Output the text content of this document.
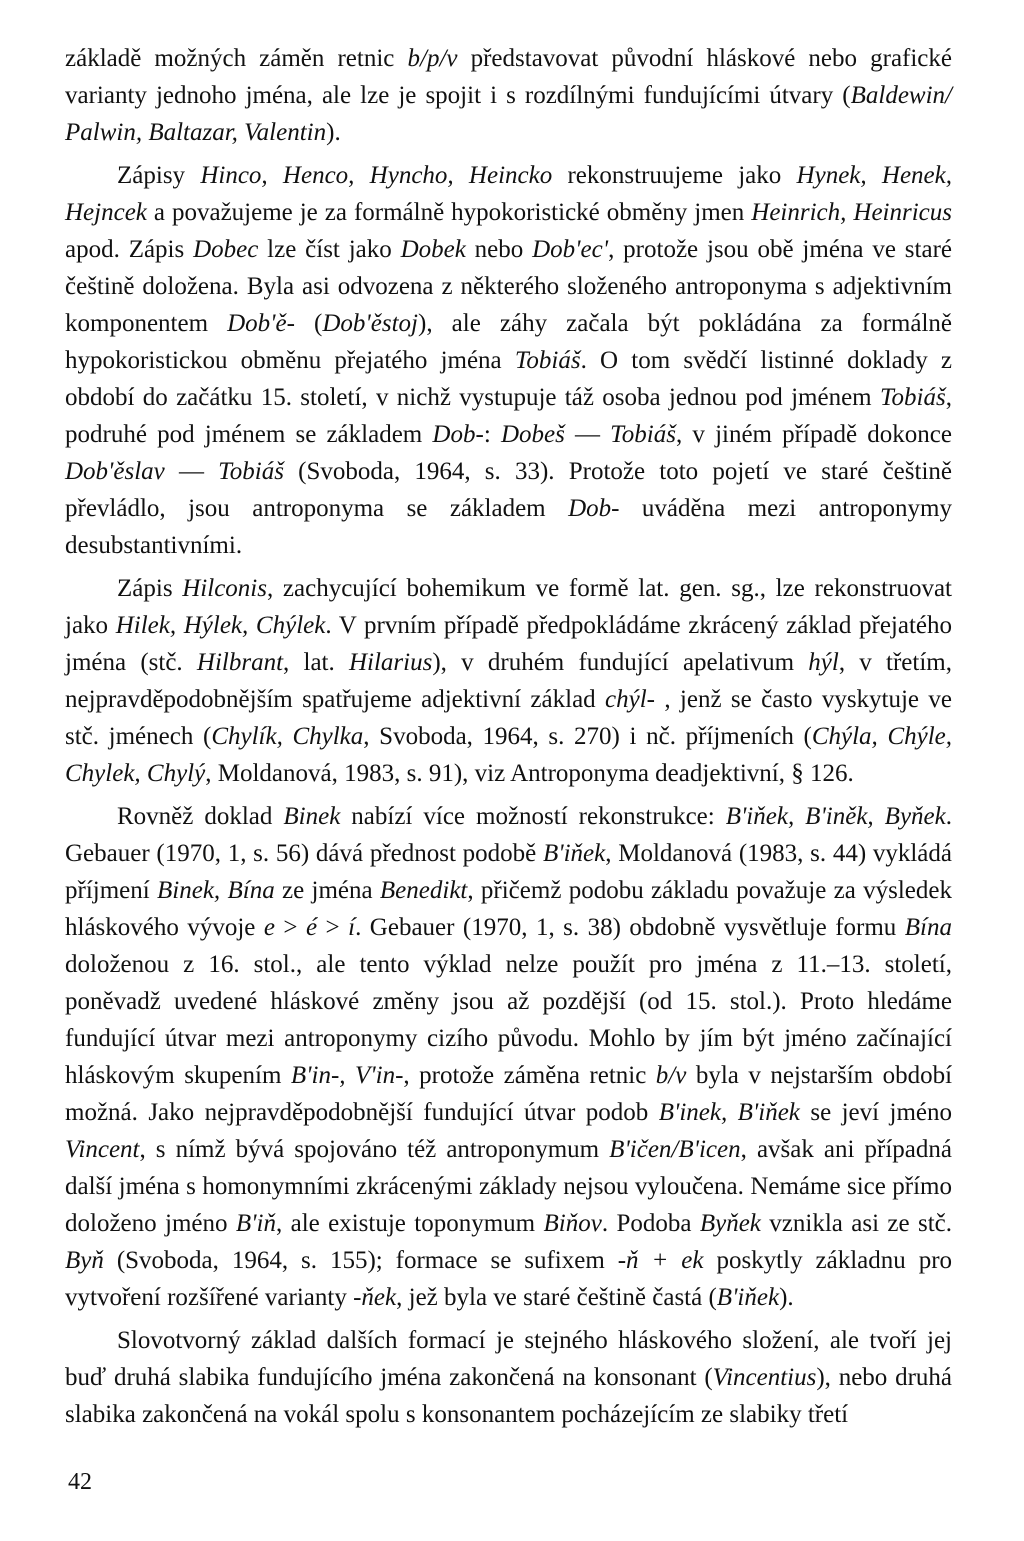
základě možných záměn retnic b/p/v představovat původní hláskové nebo grafické varianty jednoho jména, ale lze je spojit i s rozdílnými fundujícími útvary (Baldewin/ Palwin, Baltazar, Valentin).

Zápisy Hinco, Henco, Hyncho, Heincko rekonstruujeme jako Hynek, Henek, Hejncek a považujeme je za formálně hypokoristické obměny jmen Heinrich, Heinricus apod. Zápis Dobec lze číst jako Dobek nebo Dob'ec', protože jsou obě jména ve staré češtině doložena. Byla asi odvozena z některého složeného antroponyma s adjektivním komponentem Dob'ě- (Dob'ěstoj), ale záhy začala být pokládána za formálně hypokoristickou obměnu přejatého jména Tobiáš. O tom svědčí listinné doklady z období do začátku 15. století, v nichž vystupuje táž osoba jednou pod jménem Tobiáš, podruhé pod jménem se základem Dob-: Dobeš — Tobiáš, v jiném případě dokonce Dob'ěslav — Tobiáš (Svoboda, 1964, s. 33). Protože toto pojetí ve staré češtině převládlo, jsou antroponyma se základem Dob- uváděna mezi antroponymy desubstantivními.

Zápis Hilconis, zachycující bohemikum ve formě lat. gen. sg., lze rekonstruovat jako Hilek, Hýlek, Chýlek. V prvním případě předpokládáme zkrácený základ přejatého jména (stč. Hilbrant, lat. Hilarius), v druhém fundující apelativum hýl, v třetím, nejpravděpodobnějším spatřujeme adjektivní základ chýl- , jenž se často vyskytuje ve stč. jménech (Chylík, Chylka, Svoboda, 1964, s. 270) i nč. příjmeních (Chýla, Chýle, Chylek, Chylý, Moldanová, 1983, s. 91), viz Antroponyma deadjektivní, § 126.

Rovněž doklad Binek nabízí více možností rekonstrukce: B'iňek, B'iněk, Byňek. Gebauer (1970, 1, s. 56) dává přednost podobě B'iňek, Moldanová (1983, s. 44) vykládá příjmení Binek, Bína ze jména Benedikt, přičemž podobu základu považuje za výsledek hláskového vývoje e > é > í. Gebauer (1970, 1, s. 38) obdobně vysvětluje formu Bína doloženou z 16. stol., ale tento výklad nelze použít pro jména z 11.–13. století, poněvadž uvedené hláskové změny jsou až pozdější (od 15. stol.). Proto hledáme fundující útvar mezi antroponymy cizího původu. Mohlo by jím být jméno začínající hláskovým skupením B'in-, V'in-, protože záměna retnic b/v byla v nejstarším období možná. Jako nejpravděpodobnější fundující útvar podob B'inek, B'iňek se jeví jméno Vincent, s nímž bývá spojováno též antroponymum B'ičen/B'icen, avšak ani případná další jména s homonymními zkrácenými základy nejsou vyloučena. Nemáme sice přímo doloženo jméno B'iň, ale existuje toponymum Biňov. Podoba Byňek vznikla asi ze stč. Byň (Svoboda, 1964, s. 155); formace se sufixem -ň + ek poskytly základnu pro vytvoření rozšířené varianty -ňek, jež byla ve staré češtině častá (B'iňek).

Slovotvorný základ dalších formací je stejného hláskového složení, ale tvoří jej buď druhá slabika fundujícího jména zakončená na konsonant (Vincentius), nebo druhá slabika zakončená na vokál spolu s konsonantem pocházejícím ze slabiky třetí

42
